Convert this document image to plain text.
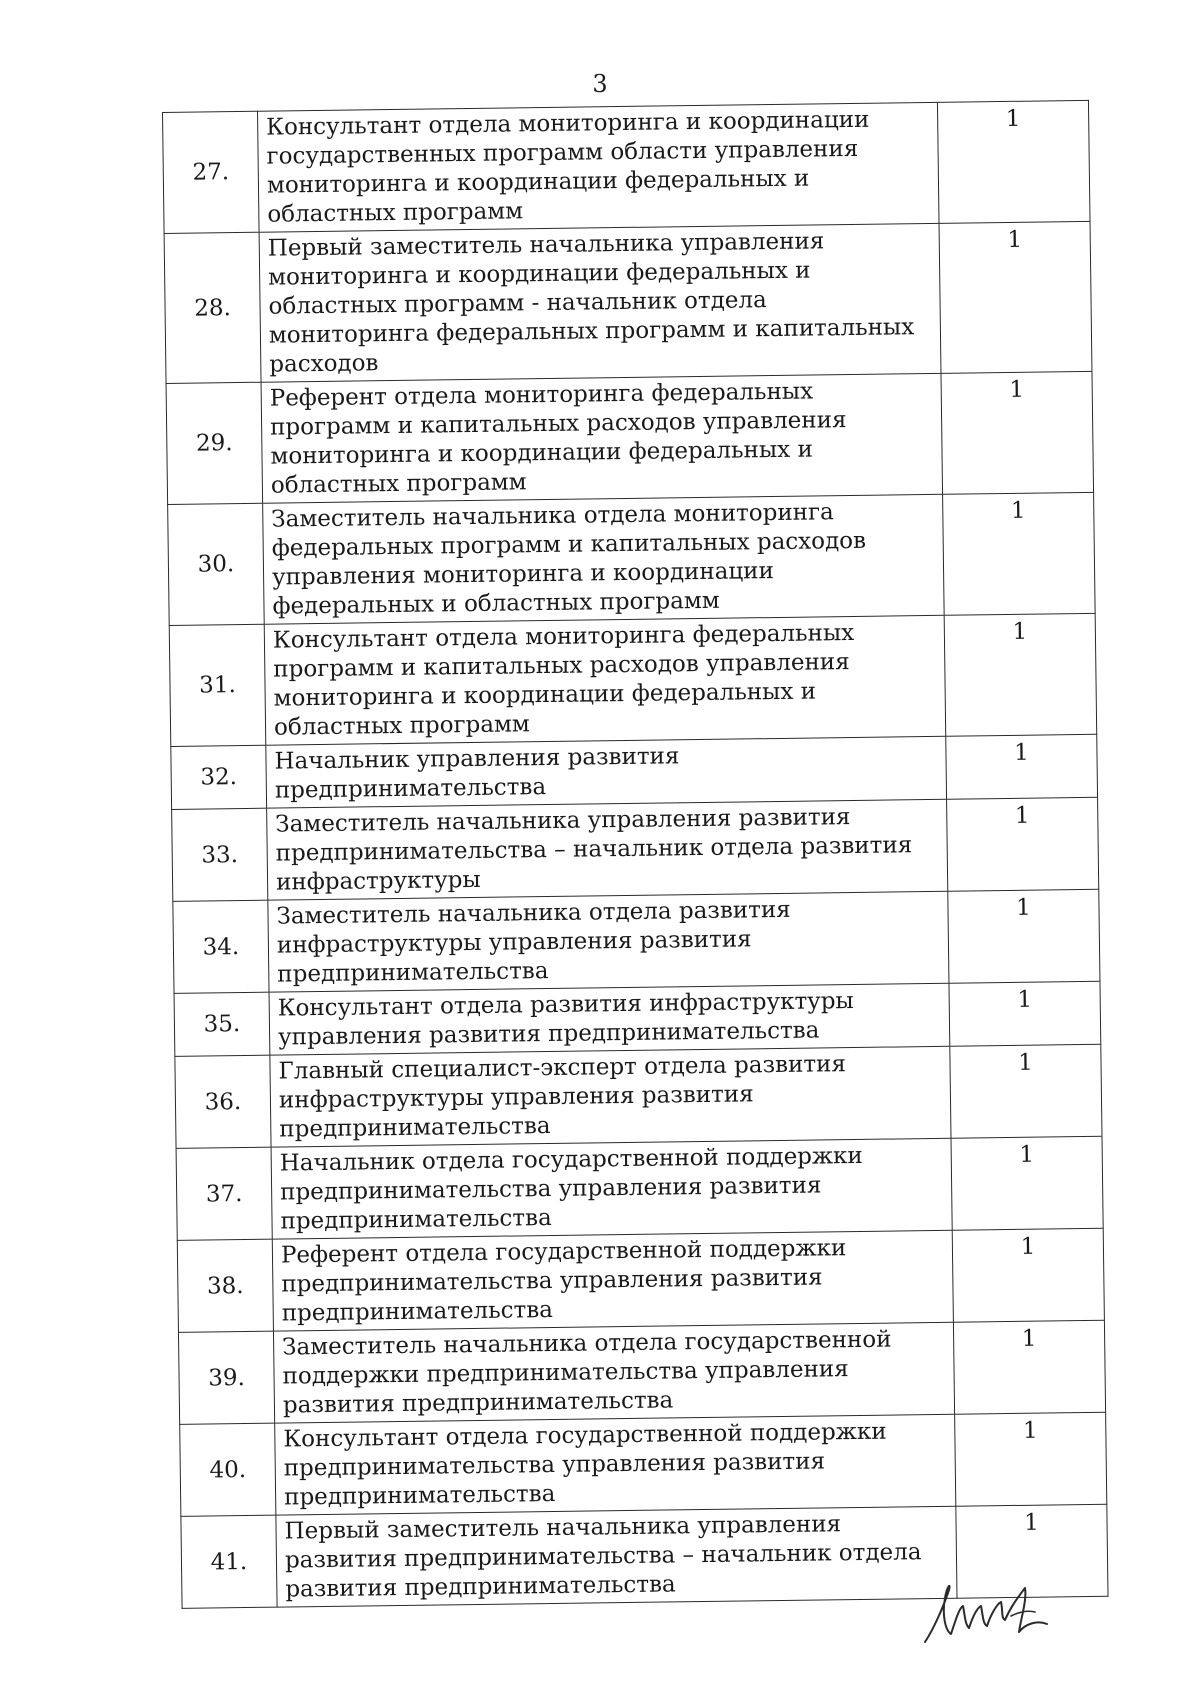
3
27.	Консультант отдела мониторинга и координации государственных программ области управления мониторинга и координации федеральных и областных программ	1
28.	Первый заместитель начальника управления мониторинга и координации федеральных и областных программ - начальник отдела мониторинга федеральных программ и капитальных расходов	1
29.	Референт отдела мониторинга федеральных программ и капитальных расходов управления мониторинга и координации федеральных и областных программ	1
30.	Заместитель начальника отдела мониторинга федеральных программ и капитальных расходов управления мониторинга и координации федеральных и областных программ	1
31.	Консультант отдела мониторинга федеральных программ и капитальных расходов управления мониторинга и координации федеральных и областных программ	1
32.	Начальник управления развития предпринимательства	1
33.	Заместитель начальника управления развития предпринимательства – начальник отдела развития инфраструктуры	1
34.	Заместитель начальника отдела развития инфраструктуры управления развития предпринимательства	1
35.	Консультант отдела развития инфраструктуры управления развития предпринимательства	1
36.	Главный специалист-эксперт отдела развития инфраструктуры управления развития предпринимательства	1
37.	Начальник отдела государственной поддержки предпринимательства управления развития предпринимательства	1
38.	Референт отдела государственной поддержки предпринимательства управления развития предпринимательства	1
39.	Заместитель начальника отдела государственной поддержки предпринимательства управления развития предпринимательства	1
40.	Консультант отдела государственной поддержки предпринимательства управления развития предпринимательства	1
41.	Первый заместитель начальника управления развития предпринимательства – начальник отдела развития предпринимательства	1
